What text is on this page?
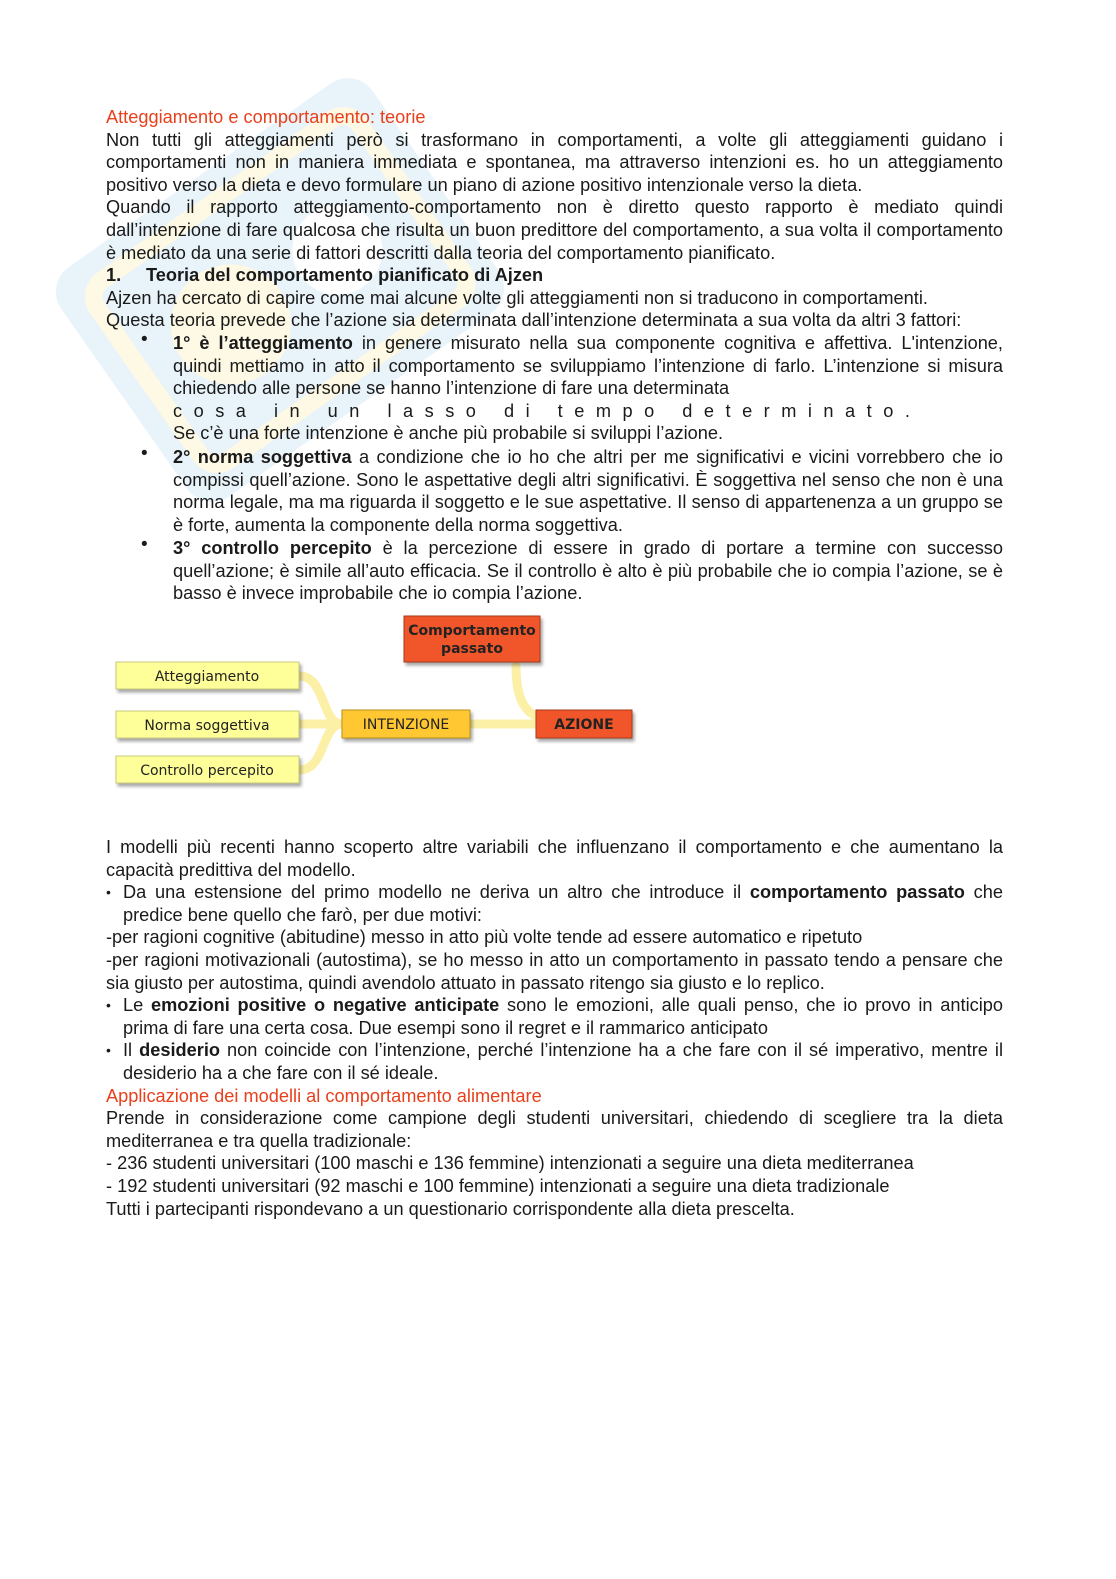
Atteggiamento e comportamento: teorie

Non tutti gli atteggiamenti però si trasformano in comportamenti, a volte gli atteggiamenti guidano i comportamenti non in maniera immediata e spontanea, ma attraverso intenzioni es. ho un atteggiamento positivo verso la dieta e devo formulare un piano di azione positivo intenzionale verso la dieta.

Quando il rapporto atteggiamento-comportamento non è diretto questo rapporto è mediato quindi dall’intenzione di fare qualcosa che risulta un buon predittore del comportamento, a sua volta il comportamento è mediato da una serie di fattori descritti dalla teoria del comportamento pianificato.

1.	Teoria del comportamento pianificato di Ajzen

Ajzen ha cercato di capire come mai alcune volte gli atteggiamenti non si traducono in comportamenti.

Questa teoria prevede che l’azione sia determinata dall’intenzione determinata a sua volta da altri 3 fattori:

• 1° è l’atteggiamento in genere misurato nella sua componente cognitiva e affettiva. L'intenzione, quindi mettiamo in atto il comportamento se sviluppiamo l’intenzione di farlo. L’intenzione si misura chiedendo alle persone se hanno l’intenzione di fare una determinata
cosa in un lasso di tempo determinato.
Se c’è una forte intenzione è anche più probabile si sviluppi l’azione.
• 2° norma soggettiva a condizione che io ho che altri per me significativi e vicini vorrebbero che io compissi quell’azione. Sono le aspettative degli altri significativi. È soggettiva nel senso che non è una norma legale, ma ma riguarda il soggetto e le sue aspettative. Il senso di appartenenza a un gruppo se è forte, aumenta la componente della norma soggettiva.
• 3° controllo percepito è la percezione di essere in grado di portare a termine con successo quell’azione; è simile all’auto efficacia. Se il controllo è alto è più probabile che io compia l’azione, se è basso è invece improbabile che io compia l’azione.
Atteggiamento
Norma soggettiva
Controllo percepito
INTENZIONE	AZIONE
Comportamento
passato

I modelli più recenti hanno scoperto altre variabili che influenzano il comportamento e che aumentano la capacità predittiva del modello.

• Da una estensione del primo modello ne deriva un altro che introduce il comportamento passato che predice bene quello che farò, per due motivi:

-per ragioni cognitive (abitudine) messo in atto più volte tende ad essere automatico e ripetuto

-per ragioni motivazionali (autostima), se ho messo in atto un comportamento in passato tendo a pensare che sia giusto per autostima, quindi avendolo attuato in passato ritengo sia giusto e lo replico.

• Le emozioni positive o negative anticipate sono le emozioni, alle quali penso, che io provo in anticipo prima di fare una certa cosa. Due esempi sono il regret e il rammarico anticipato
• Il desiderio non coincide con l’intenzione, perché l’intenzione ha a che fare con il sé imperativo, mentre il desiderio ha a che fare con il sé ideale.

Applicazione dei modelli al comportamento alimentare

Prende in considerazione come campione degli studenti universitari, chiedendo di scegliere tra la dieta mediterranea e tra quella tradizionale:

- 236 studenti universitari (100 maschi e 136 femmine) intenzionati a seguire una dieta mediterranea

- 192 studenti universitari (92 maschi e 100 femmine) intenzionati a seguire una dieta tradizionale

Tutti i partecipanti rispondevano a un questionario corrispondente alla dieta prescelta.
